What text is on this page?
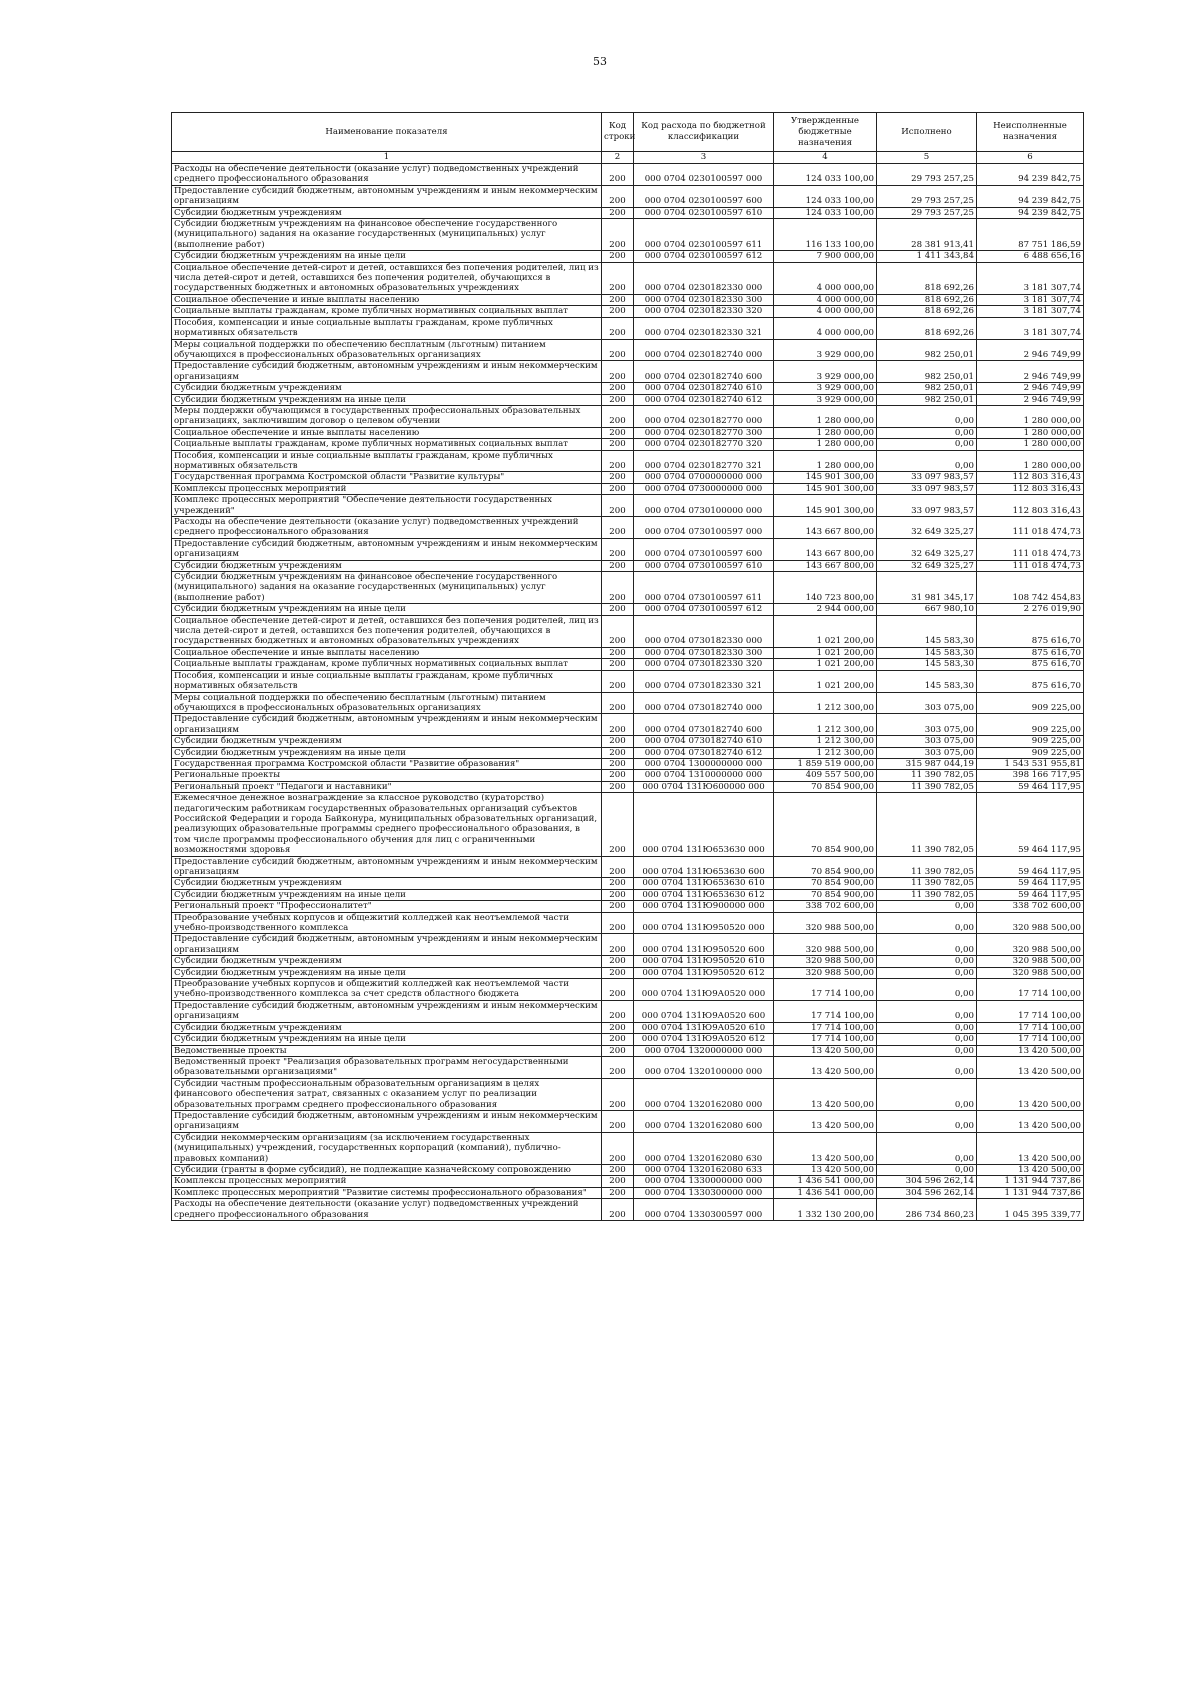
53
Наименование показателя	Код строки	Код расхода по бюджетной классификации	Утвержденные бюджетные назначения	Исполнено	Неисполненные назначения
1	2	3	4	5	6
Расходы на обеспечение деятельности (оказание услуг) подведомственных учреждений среднего профессионального образования	200	000 0704 0230100597 000	124 033 100,00	29 793 257,25	94 239 842,75
Предоставление субсидий бюджетным, автономным учреждениям и иным некоммерческим организациям	200	000 0704 0230100597 600	124 033 100,00	29 793 257,25	94 239 842,75
Субсидии бюджетным учреждениям	200	000 0704 0230100597 610	124 033 100,00	29 793 257,25	94 239 842,75
Субсидии бюджетным учреждениям на финансовое обеспечение государственного (муниципального) задания на оказание государственных (муниципальных) услуг (выполнение работ)	200	000 0704 0230100597 611	116 133 100,00	28 381 913,41	87 751 186,59
Субсидии бюджетным учреждениям на иные цели	200	000 0704 0230100597 612	7 900 000,00	1 411 343,84	6 488 656,16
Социальное обеспечение детей-сирот и детей, оставшихся без попечения родителей, лиц из числа детей-сирот и детей, оставшихся без попечения родителей, обучающихся в государственных бюджетных и автономных образовательных учреждениях	200	000 0704 0230182330 000	4 000 000,00	818 692,26	3 181 307,74
Социальное обеспечение и иные выплаты населению	200	000 0704 0230182330 300	4 000 000,00	818 692,26	3 181 307,74
Социальные выплаты гражданам, кроме публичных нормативных социальных выплат	200	000 0704 0230182330 320	4 000 000,00	818 692,26	3 181 307,74
Пособия, компенсации и иные социальные выплаты гражданам, кроме публичных нормативных обязательств	200	000 0704 0230182330 321	4 000 000,00	818 692,26	3 181 307,74
Меры социальной поддержки по обеспечению бесплатным (льготным) питанием обучающихся в профессиональных образовательных организациях	200	000 0704 0230182740 000	3 929 000,00	982 250,01	2 946 749,99
Предоставление субсидий бюджетным, автономным учреждениям и иным некоммерческим организациям	200	000 0704 0230182740 600	3 929 000,00	982 250,01	2 946 749,99
Субсидии бюджетным учреждениям	200	000 0704 0230182740 610	3 929 000,00	982 250,01	2 946 749,99
Субсидии бюджетным учреждениям на иные цели	200	000 0704 0230182740 612	3 929 000,00	982 250,01	2 946 749,99
Меры поддержки обучающимся в государственных профессиональных образовательных организациях, заключившим договор о целевом обучении	200	000 0704 0230182770 000	1 280 000,00	0,00	1 280 000,00
Социальное обеспечение и иные выплаты населению	200	000 0704 0230182770 300	1 280 000,00	0,00	1 280 000,00
Социальные выплаты гражданам, кроме публичных нормативных социальных выплат	200	000 0704 0230182770 320	1 280 000,00	0,00	1 280 000,00
Пособия, компенсации и иные социальные выплаты гражданам, кроме публичных нормативных обязательств	200	000 0704 0230182770 321	1 280 000,00	0,00	1 280 000,00
Государственная программа Костромской области "Развитие культуры"	200	000 0704 0700000000 000	145 901 300,00	33 097 983,57	112 803 316,43
Комплексы процессных мероприятий	200	000 0704 0730000000 000	145 901 300,00	33 097 983,57	112 803 316,43
Комплекс процессных мероприятий "Обеспечение деятельности государственных учреждений"	200	000 0704 0730100000 000	145 901 300,00	33 097 983,57	112 803 316,43
Расходы на обеспечение деятельности (оказание услуг) подведомственных учреждений среднего профессионального образования	200	000 0704 0730100597 000	143 667 800,00	32 649 325,27	111 018 474,73
Предоставление субсидий бюджетным, автономным учреждениям и иным некоммерческим организациям	200	000 0704 0730100597 600	143 667 800,00	32 649 325,27	111 018 474,73
Субсидии бюджетным учреждениям	200	000 0704 0730100597 610	143 667 800,00	32 649 325,27	111 018 474,73
Субсидии бюджетным учреждениям на финансовое обеспечение государственного (муниципального) задания на оказание государственных (муниципальных) услуг (выполнение работ)	200	000 0704 0730100597 611	140 723 800,00	31 981 345,17	108 742 454,83
Субсидии бюджетным учреждениям на иные цели	200	000 0704 0730100597 612	2 944 000,00	667 980,10	2 276 019,90
Социальное обеспечение детей-сирот и детей, оставшихся без попечения родителей, лиц из числа детей-сирот и детей, оставшихся без попечения родителей, обучающихся в государственных бюджетных и автономных образовательных учреждениях	200	000 0704 0730182330 000	1 021 200,00	145 583,30	875 616,70
Социальное обеспечение и иные выплаты населению	200	000 0704 0730182330 300	1 021 200,00	145 583,30	875 616,70
Социальные выплаты гражданам, кроме публичных нормативных социальных выплат	200	000 0704 0730182330 320	1 021 200,00	145 583,30	875 616,70
Пособия, компенсации и иные социальные выплаты гражданам, кроме публичных нормативных обязательств	200	000 0704 0730182330 321	1 021 200,00	145 583,30	875 616,70
Меры социальной поддержки по обеспечению бесплатным (льготным) питанием обучающихся в профессиональных образовательных организациях	200	000 0704 0730182740 000	1 212 300,00	303 075,00	909 225,00
Предоставление субсидий бюджетным, автономным учреждениям и иным некоммерческим организациям	200	000 0704 0730182740 600	1 212 300,00	303 075,00	909 225,00
Субсидии бюджетным учреждениям	200	000 0704 0730182740 610	1 212 300,00	303 075,00	909 225,00
Субсидии бюджетным учреждениям на иные цели	200	000 0704 0730182740 612	1 212 300,00	303 075,00	909 225,00
Государственная программа Костромской области "Развитие образования"	200	000 0704 1300000000 000	1 859 519 000,00	315 987 044,19	1 543 531 955,81
Региональные проекты	200	000 0704 1310000000 000	409 557 500,00	11 390 782,05	398 166 717,95
Региональный проект "Педагоги и наставники"	200	000 0704 131Ю600000 000	70 854 900,00	11 390 782,05	59 464 117,95
Ежемесячное денежное вознаграждение за классное руководство (кураторство) педагогическим работникам государственных образовательных организаций субъектов Российской Федерации и города Байконура, муниципальных образовательных организаций, реализующих образовательные программы среднего профессионального образования, в том числе программы профессионального обучения для лиц с ограниченными возможностями здоровья	200	000 0704 131Ю653630 000	70 854 900,00	11 390 782,05	59 464 117,95
Предоставление субсидий бюджетным, автономным учреждениям и иным некоммерческим организациям	200	000 0704 131Ю653630 600	70 854 900,00	11 390 782,05	59 464 117,95
Субсидии бюджетным учреждениям	200	000 0704 131Ю653630 610	70 854 900,00	11 390 782,05	59 464 117,95
Субсидии бюджетным учреждениям на иные цели	200	000 0704 131Ю653630 612	70 854 900,00	11 390 782,05	59 464 117,95
Региональный проект "Профессионалитет"	200	000 0704 131Ю900000 000	338 702 600,00	0,00	338 702 600,00
Преобразование учебных корпусов и общежитий колледжей как неотъемлемой части учебно-производственного комплекса	200	000 0704 131Ю950520 000	320 988 500,00	0,00	320 988 500,00
Предоставление субсидий бюджетным, автономным учреждениям и иным некоммерческим организациям	200	000 0704 131Ю950520 600	320 988 500,00	0,00	320 988 500,00
Субсидии бюджетным учреждениям	200	000 0704 131Ю950520 610	320 988 500,00	0,00	320 988 500,00
Субсидии бюджетным учреждениям на иные цели	200	000 0704 131Ю950520 612	320 988 500,00	0,00	320 988 500,00
Преобразование учебных корпусов и общежитий колледжей как неотъемлемой части учебно-производственного комплекса за счет средств областного бюджета	200	000 0704 131Ю9А0520 000	17 714 100,00	0,00	17 714 100,00
Предоставление субсидий бюджетным, автономным учреждениям и иным некоммерческим организациям	200	000 0704 131Ю9А0520 600	17 714 100,00	0,00	17 714 100,00
Субсидии бюджетным учреждениям	200	000 0704 131Ю9А0520 610	17 714 100,00	0,00	17 714 100,00
Субсидии бюджетным учреждениям на иные цели	200	000 0704 131Ю9А0520 612	17 714 100,00	0,00	17 714 100,00
Ведомственные проекты	200	000 0704 1320000000 000	13 420 500,00	0,00	13 420 500,00
Ведомственный проект "Реализация образовательных программ негосударственными образовательными организациями"	200	000 0704 1320100000 000	13 420 500,00	0,00	13 420 500,00
Субсидии частным профессиональным образовательным организациям в целях финансового обеспечения затрат, связанных с оказанием услуг по реализации образовательных программ среднего профессионального образования	200	000 0704 1320162080 000	13 420 500,00	0,00	13 420 500,00
Предоставление субсидий бюджетным, автономным учреждениям и иным некоммерческим организациям	200	000 0704 1320162080 600	13 420 500,00	0,00	13 420 500,00
Субсидии некоммерческим организациям (за исключением государственных (муниципальных) учреждений, государственных корпораций (компаний), публично-правовых компаний)	200	000 0704 1320162080 630	13 420 500,00	0,00	13 420 500,00
Субсидии (гранты в форме субсидий), не подлежащие казначейскому сопровождению	200	000 0704 1320162080 633	13 420 500,00	0,00	13 420 500,00
Комплексы процессных мероприятий	200	000 0704 1330000000 000	1 436 541 000,00	304 596 262,14	1 131 944 737,86
Комплекс процессных мероприятий "Развитие системы профессионального образования"	200	000 0704 1330300000 000	1 436 541 000,00	304 596 262,14	1 131 944 737,86
Расходы на обеспечение деятельности (оказание услуг) подведомственных учреждений среднего профессионального образования	200	000 0704 1330300597 000	1 332 130 200,00	286 734 860,23	1 045 395 339,77
